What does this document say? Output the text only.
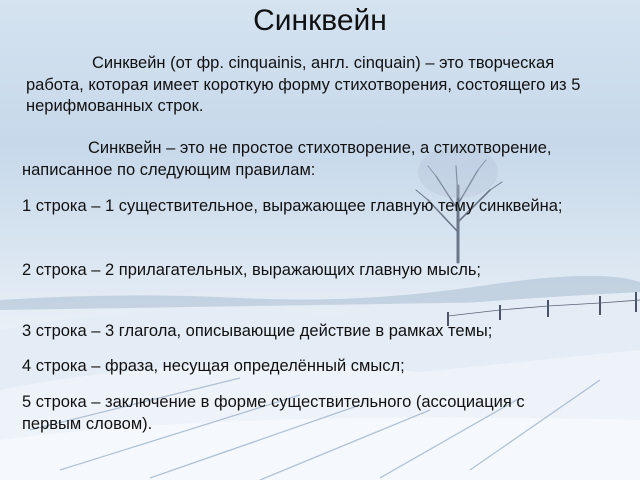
Синквейн

Синквейн (от фр. cinquainis, англ. cinquain) – это творческая работа, которая имеет короткую форму стихотворения, состоящего из 5 нерифмованных строк.

Синквейн – это не простое стихотворение, а стихотворение, написанное по следующим правилам:

1 строка – 1 существительное, выражающее главную тему синквейна;

2 строка – 2 прилагательных, выражающих главную мысль;

3 строка – 3 глагола, описывающие действие в рамках темы;

4 строка – фраза, несущая определённый смысл;

5 строка – заключение в форме существительного (ассоциация с первым словом).
